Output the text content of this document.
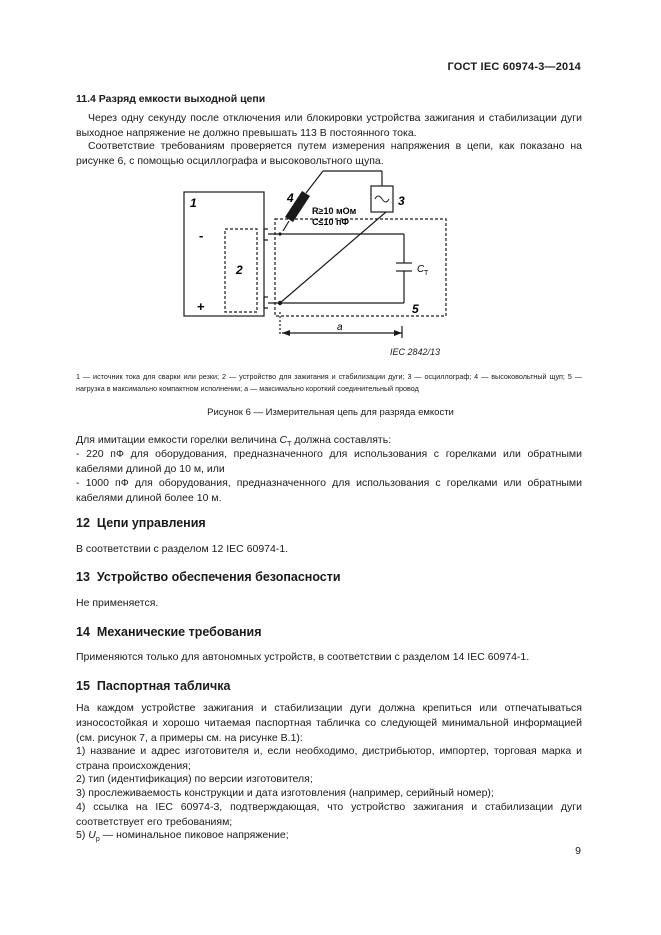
ГОСТ IEC 60974-3—2014
11.4 Разряд емкости выходной цепи
Через одну секунду после отключения или блокировки устройства зажигания и стабилизации дуги выходное напряжение не должно превышать 113 В постоянного тока.
Соответствие требованиям проверяется путем измерения напряжения в цепи, как показано на рисунке 6, с помощью осциллографа и высоковольтного щупа.
1
2
3
4
5
-
+
R≥10 мОм
C≤10 пФ
C T
a
IEC 2842/13
1 — источник тока для сварки или резки; 2 — устройство для зажигания и стабилизации дуги; 3 — осциллограф; 4 — высоковольтный щуп; 5 — нагрузка в максимально компактном исполнении; a — максимально короткий соединительный провод
Рисунок 6 — Измерительная цепь для разряда емкости
Для имитации емкости горелки величина $C_T$ должна составлять:
- 220 пФ для оборудования, предназначенного для использования с горелками или обратными кабелями длиной до 10 м, или
- 1000 пФ для оборудования, предназначенного для использования с горелками или обратными кабелями длиной более 10 м.
12 Цепи управления
В соответствии с разделом 12 IEC 60974-1.
13 Устройство обеспечения безопасности
Не применяется.
14 Механические требования
Применяются только для автономных устройств, в соответствии с разделом 14 IEC 60974-1.
15 Паспортная табличка
На каждом устройстве зажигания и стабилизации дуги должна крепиться или отпечатываться износостойкая и хорошо читаемая паспортная табличка со следующей минимальной информацией (см. рисунок 7, а примеры см. на рисунке В.1):
1) название и адрес изготовителя и, если необходимо, дистрибьютор, импортер, торговая марка и страна происхождения;
2) тип (идентификация) по версии изготовителя;
3) прослеживаемость конструкции и дата изготовления (например, серийный номер);
4) ссылка на IEC 60974-3, подтверждающая, что устройство зажигания и стабилизации дуги соответствует его требованиям;
5) $U_p$ — номинальное пиковое напряжение;
9
